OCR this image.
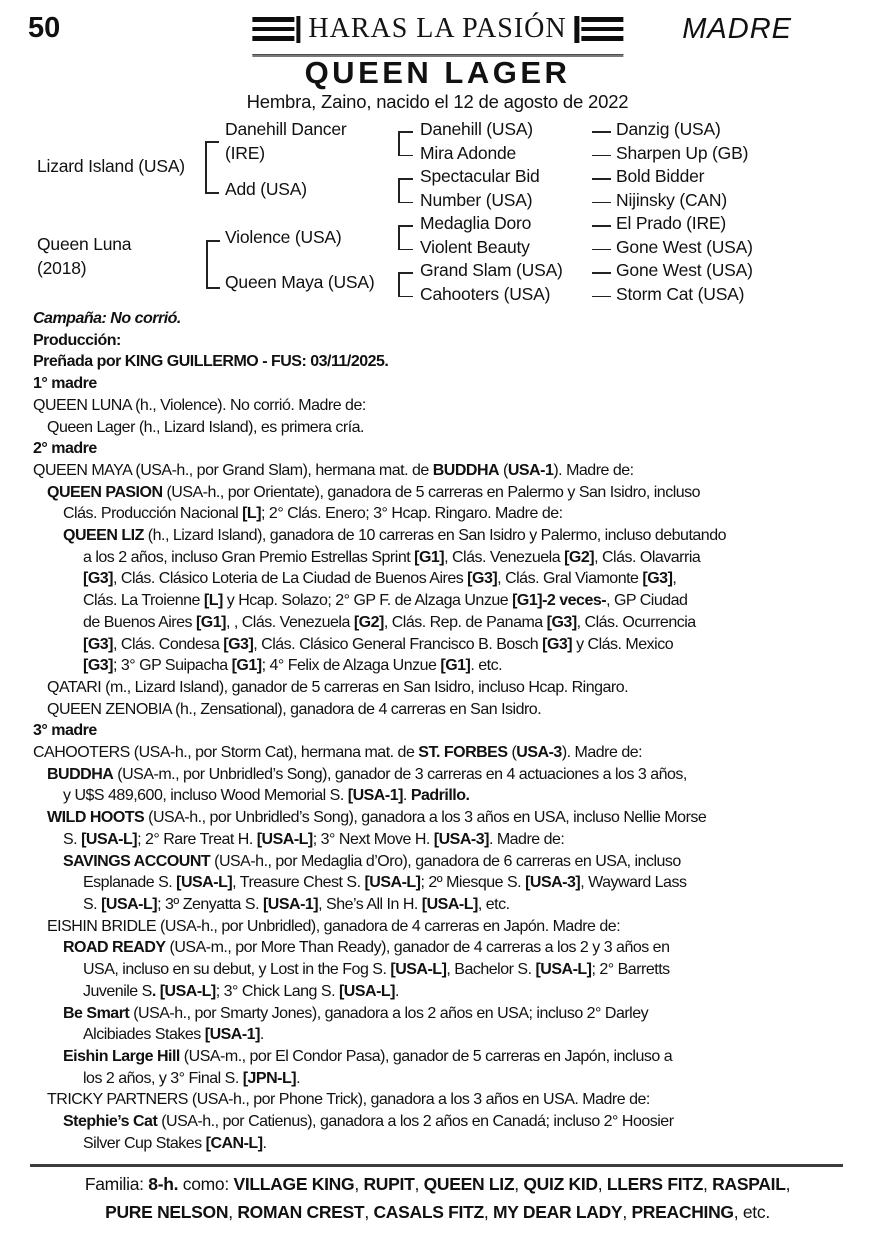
50	HARAS LA PASIÓN	MADRE
QUEEN LAGER
Hembra, Zaino, nacido el 12 de agosto de 2022
Lizard Island (USA)
Queen Luna
(2018)
Danehill Dancer
(IRE)
Add (USA)
Violence (USA)
Queen Maya (USA)
Danehill (USA)
Mira Adonde
Spectacular Bid
Number (USA)
Medaglia Doro
Violent Beauty
Grand Slam (USA)
Cahooters (USA)
Danzig (USA)
Sharpen Up (GB)
Bold Bidder
Nijinsky (CAN)
El Prado (IRE)
Gone West (USA)
Gone West (USA)
Storm Cat (USA)
Campaña: No corrió.
Producción:
Preñada por KING GUILLERMO - FUS: 03/11/2025.
1° madre
QUEEN LUNA (h., Violence). No corrió. Madre de:
Queen Lager (h., Lizard Island), es primera cría.
2° madre
QUEEN MAYA (USA-h., por Grand Slam), hermana mat. de BUDDHA (USA-1). Madre de:
QUEEN PASION (USA-h., por Orientate), ganadora de 5 carreras en Palermo y San Isidro, incluso
Clás. Producción Nacional [L]; 2° Clás. Enero; 3° Hcap. Ringaro. Madre de:
QUEEN LIZ (h., Lizard Island), ganadora de 10 carreras en San Isidro y Palermo, incluso debutando
a los 2 años, incluso Gran Premio Estrellas Sprint [G1], Clás. Venezuela [G2], Clás. Olavarria
[G3], Clás. Clásico Loteria de La Ciudad de Buenos Aires [G3], Clás. Gral Viamonte [G3],
Clás. La Troienne [L] y Hcap. Solazo; 2° GP F. de Alzaga Unzue [G1]-2 veces-, GP Ciudad
de Buenos Aires [G1], , Clás. Venezuela [G2], Clás. Rep. de Panama [G3], Clás. Ocurrencia
[G3], Clás. Condesa [G3], Clás. Clásico General Francisco B. Bosch [G3] y Clás. Mexico
[G3]; 3° GP Suipacha [G1]; 4° Felix de Alzaga Unzue [G1]. etc.
QATARI (m., Lizard Island), ganador de 5 carreras en San Isidro, incluso Hcap. Ringaro.
QUEEN ZENOBIA (h., Zensational), ganadora de 4 carreras en San Isidro.
3° madre
CAHOOTERS (USA-h., por Storm Cat), hermana mat. de ST. FORBES (USA-3). Madre de:
BUDDHA (USA-m., por Unbridled’s Song), ganador de 3 carreras en 4 actuaciones a los 3 años,
y U$S 489,600, incluso Wood Memorial S. [USA-1]. Padrillo.
WILD HOOTS (USA-h., por Unbridled’s Song), ganadora a los 3 años en USA, incluso Nellie Morse
S. [USA-L]; 2° Rare Treat H. [USA-L]; 3° Next Move H. [USA-3]. Madre de:
SAVINGS ACCOUNT (USA-h., por Medaglia d’Oro), ganadora de 6 carreras en USA, incluso
Esplanade S. [USA-L], Treasure Chest S. [USA-L]; 2º Miesque S. [USA-3], Wayward Lass
S. [USA-L]; 3º Zenyatta S. [USA-1], She’s All In H. [USA-L], etc.
EISHIN BRIDLE (USA-h., por Unbridled), ganadora de 4 carreras en Japón. Madre de:
ROAD READY (USA-m., por More Than Ready), ganador de 4 carreras a los 2 y 3 años en
USA, incluso en su debut, y Lost in the Fog S. [USA-L], Bachelor S. [USA-L]; 2° Barretts
Juvenile S. [USA-L]; 3° Chick Lang S. [USA-L].
Be Smart (USA-h., por Smarty Jones), ganadora a los 2 años en USA; incluso 2° Darley
Alcibiades Stakes [USA-1].
Eishin Large Hill (USA-m., por El Condor Pasa), ganador de 5 carreras en Japón, incluso a
los 2 años, y 3° Final S. [JPN-L].
TRICKY PARTNERS (USA-h., por Phone Trick), ganadora a los 3 años en USA. Madre de:
Stephie’s Cat (USA-h., por Catienus), ganadora a los 2 años en Canadá; incluso 2° Hoosier
Silver Cup Stakes [CAN-L].
Familia: 8-h. como: VILLAGE KING, RUPIT, QUEEN LIZ, QUIZ KID, LLERS FITZ, RASPAIL,
PURE NELSON, ROMAN CREST, CASALS FITZ, MY DEAR LADY, PREACHING, etc.
